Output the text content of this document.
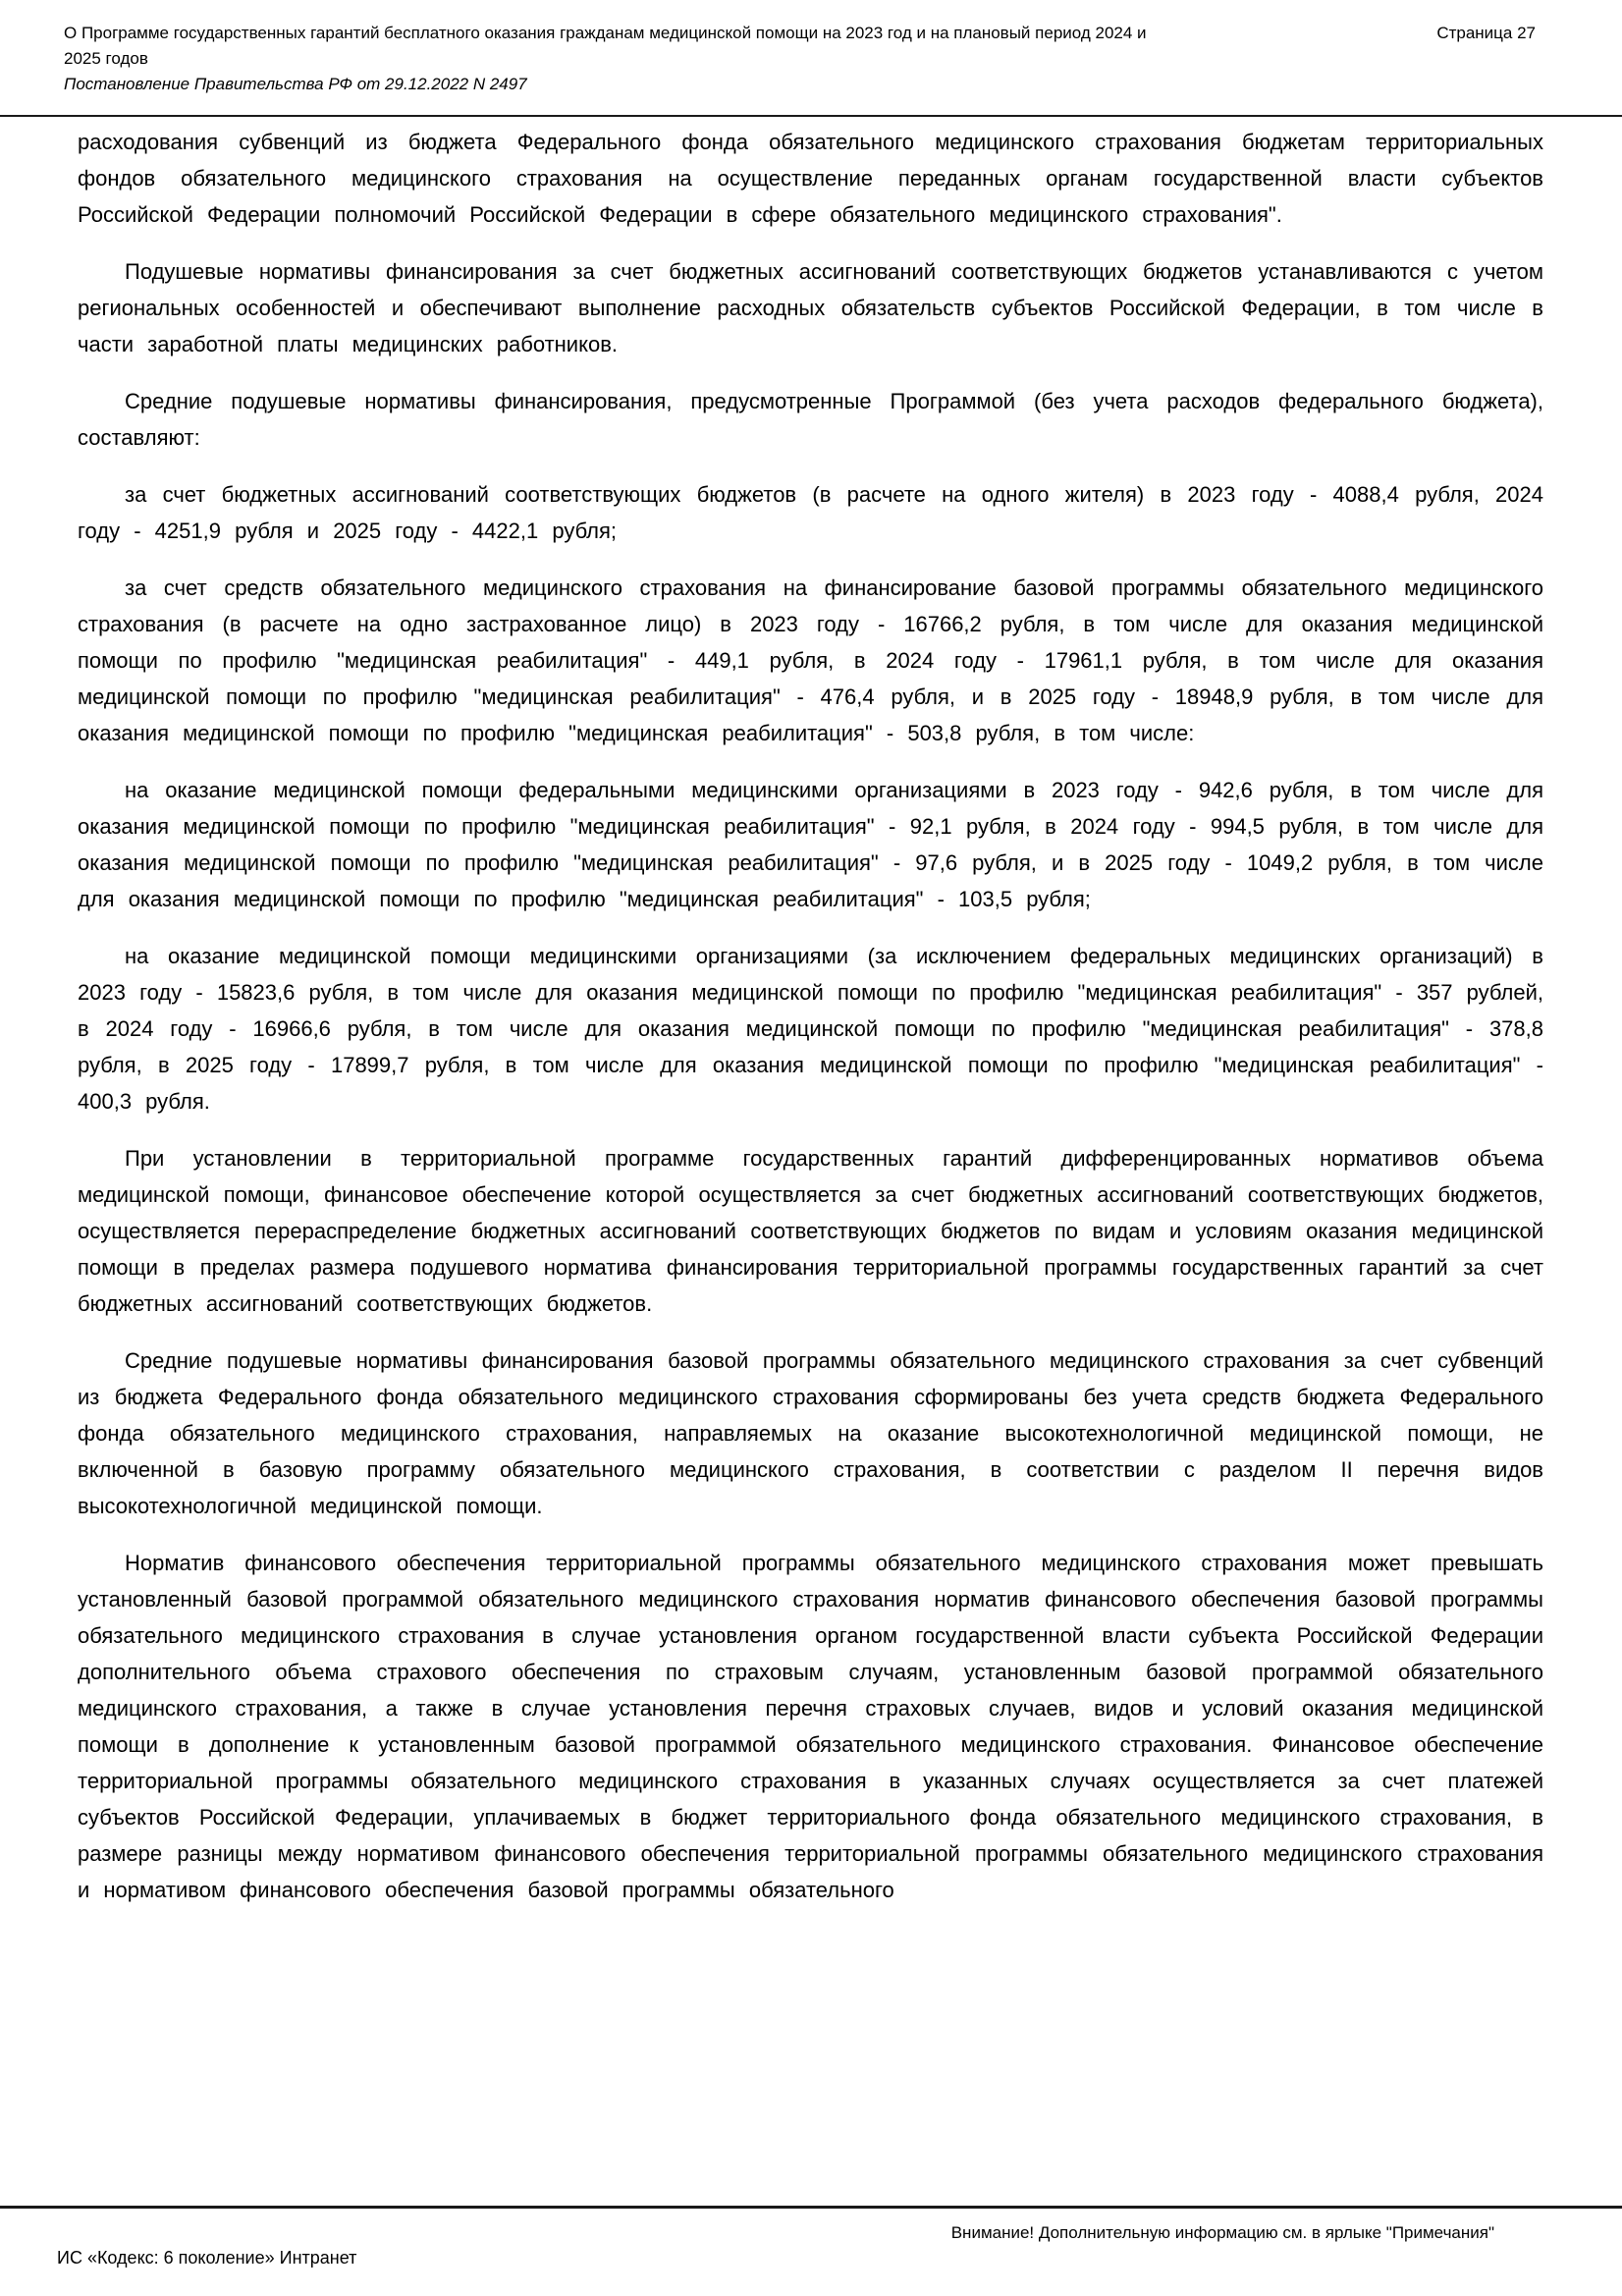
О Программе государственных гарантий бесплатного оказания гражданам медицинской помощи на 2023 год и на плановый период 2024 и 2025 годов
Постановление Правительства РФ от 29.12.2022 N 2497
Страница 27

расходования субвенций из бюджета Федерального фонда обязательного медицинского страхования бюджетам территориальных фондов обязательного медицинского страхования на осуществление переданных органам государственной власти субъектов Российской Федерации полномочий Российской Федерации в сфере обязательного медицинского страхования".

Подушевые нормативы финансирования за счет бюджетных ассигнований соответствующих бюджетов устанавливаются с учетом региональных особенностей и обеспечивают выполнение расходных обязательств субъектов Российской Федерации, в том числе в части заработной платы медицинских работников.

Средние подушевые нормативы финансирования, предусмотренные Программой (без учета расходов федерального бюджета), составляют:

за счет бюджетных ассигнований соответствующих бюджетов (в расчете на одного жителя) в 2023 году - 4088,4 рубля, 2024 году - 4251,9 рубля и 2025 году - 4422,1 рубля;

за счет средств обязательного медицинского страхования на финансирование базовой программы обязательного медицинского страхования (в расчете на одно застрахованное лицо) в 2023 году - 16766,2 рубля, в том числе для оказания медицинской помощи по профилю "медицинская реабилитация" - 449,1 рубля, в 2024 году - 17961,1 рубля, в том числе для оказания медицинской помощи по профилю "медицинская реабилитация" - 476,4 рубля, и в 2025 году - 18948,9 рубля, в том числе для оказания медицинской помощи по профилю "медицинская реабилитация" - 503,8 рубля, в том числе:

на оказание медицинской помощи федеральными медицинскими организациями в 2023 году - 942,6 рубля, в том числе для оказания медицинской помощи по профилю "медицинская реабилитация" - 92,1 рубля, в 2024 году - 994,5 рубля, в том числе для оказания медицинской помощи по профилю "медицинская реабилитация" - 97,6 рубля, и в 2025 году - 1049,2 рубля, в том числе для оказания медицинской помощи по профилю "медицинская реабилитация" - 103,5 рубля;

на оказание медицинской помощи медицинскими организациями (за исключением федеральных медицинских организаций) в 2023 году - 15823,6 рубля, в том числе для оказания медицинской помощи по профилю "медицинская реабилитация" - 357 рублей, в 2024 году - 16966,6 рубля, в том числе для оказания медицинской помощи по профилю "медицинская реабилитация" - 378,8 рубля, в 2025 году - 17899,7 рубля, в том числе для оказания медицинской помощи по профилю "медицинская реабилитация" - 400,3 рубля.

При установлении в территориальной программе государственных гарантий дифференцированных нормативов объема медицинской помощи, финансовое обеспечение которой осуществляется за счет бюджетных ассигнований соответствующих бюджетов, осуществляется перераспределение бюджетных ассигнований соответствующих бюджетов по видам и условиям оказания медицинской помощи в пределах размера подушевого норматива финансирования территориальной программы государственных гарантий за счет бюджетных ассигнований соответствующих бюджетов.

Средние подушевые нормативы финансирования базовой программы обязательного медицинского страхования за счет субвенций из бюджета Федерального фонда обязательного медицинского страхования сформированы без учета средств бюджета Федерального фонда обязательного медицинского страхования, направляемых на оказание высокотехнологичной медицинской помощи, не включенной в базовую программу обязательного медицинского страхования, в соответствии с разделом II перечня видов высокотехнологичной медицинской помощи.

Норматив финансового обеспечения территориальной программы обязательного медицинского страхования может превышать установленный базовой программой обязательного медицинского страхования норматив финансового обеспечения базовой программы обязательного медицинского страхования в случае установления органом государственной власти субъекта Российской Федерации дополнительного объема страхового обеспечения по страховым случаям, установленным базовой программой обязательного медицинского страхования, а также в случае установления перечня страховых случаев, видов и условий оказания медицинской помощи в дополнение к установленным базовой программой обязательного медицинского страхования. Финансовое обеспечение территориальной программы обязательного медицинского страхования в указанных случаях осуществляется за счет платежей субъектов Российской Федерации, уплачиваемых в бюджет территориального фонда обязательного медицинского страхования, в размере разницы между нормативом финансового обеспечения территориальной программы обязательного медицинского страхования и нормативом финансового обеспечения базовой программы обязательного

Внимание! Дополнительную информацию см. в ярлыке "Примечания"
ИС «Кодекс: 6 поколение» Интранет
